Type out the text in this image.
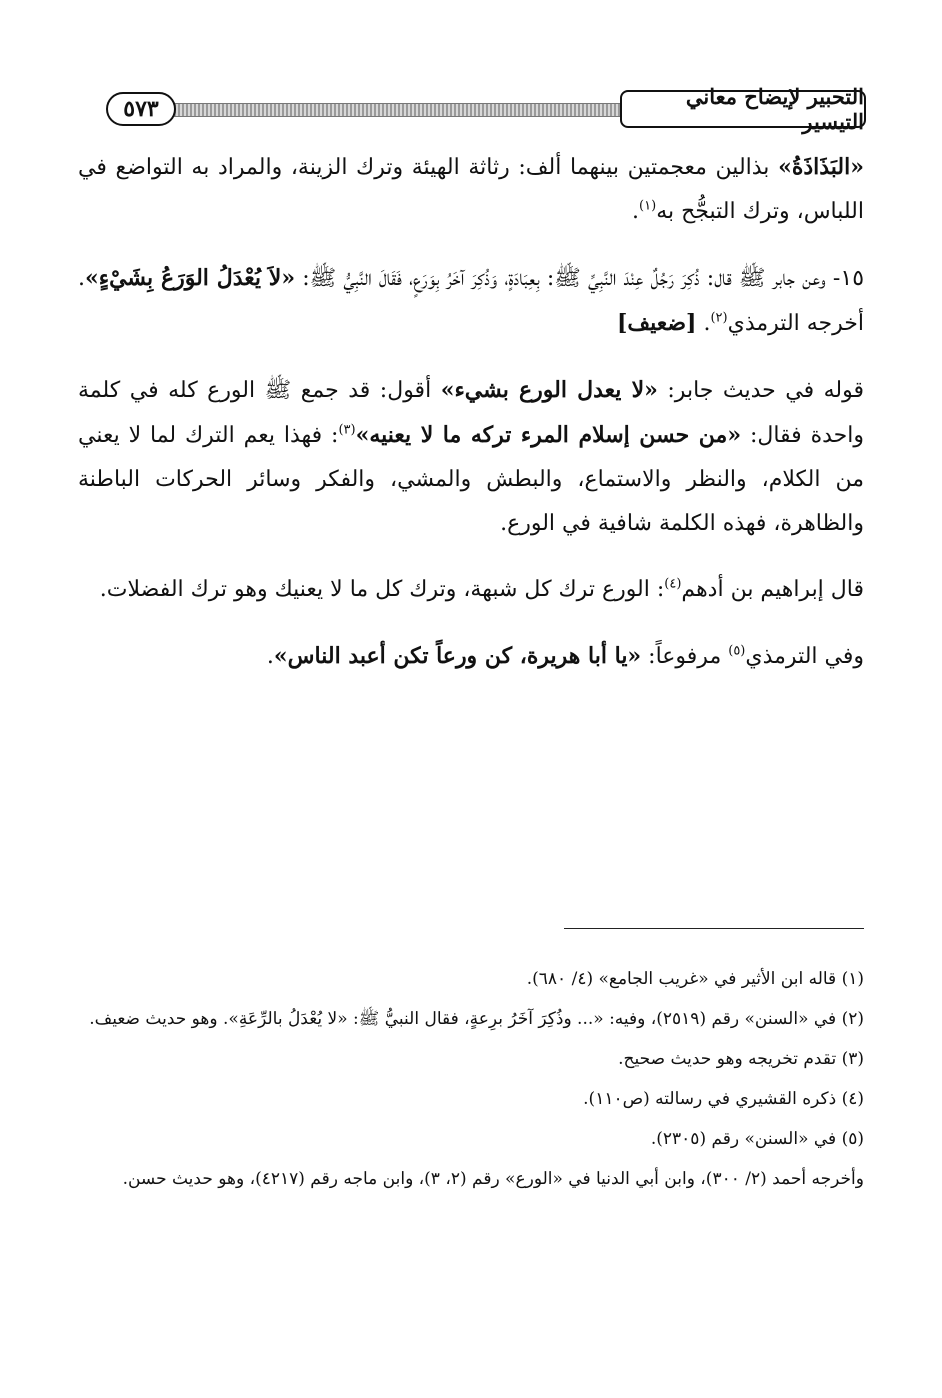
التحبير لإيضاح معاني التيسير
٥٧٣

«البَذَاذَةُ» بذالين معجمتين بينهما ألف: رثاثة الهيئة وترك الزينة، والمراد به التواضع في اللباس، وترك التبجُّح به$^{(١)}$.

١٥- وعن جابر ﷺ قال: ذُكِرَ رَجُلٌ عِنْدَ النَّبِيِّ ﷺ: بِعِبَادَةٍ، وَذُكِرَ آخَرُ بِوَرَعٍ، فَقَالَ النَّبِيُّ ﷺ: «لاَ يُعْدَلُ الوَرَعُ بِشَيْءٍ». أخرجه الترمذي$^{(٢)}$. [ضعيف]

قوله في حديث جابر: «لا يعدل الورع بشيء» أقول: قد جمع ﷺ الورع كله في كلمة واحدة فقال: «من حسن إسلام المرء تركه ما لا يعنيه»$^{(٣)}$: فهذا يعم الترك لما لا يعني من الكلام، والنظر والاستماع، والبطش والمشي، والفكر وسائر الحركات الباطنة والظاهرة، فهذه الكلمة شافية في الورع.

قال إبراهيم بن أدهم$^{(٤)}$: الورع ترك كل شبهة، وترك كل ما لا يعنيك وهو ترك الفضلات.

وفي الترمذي$^{(٥)}$ مرفوعاً: «يا أبا هريرة، كن ورعاً تكن أعبد الناس».

(١) قاله ابن الأثير في «غريب الجامع» (٤/ ٦٨٠).

(٢) في «السنن» رقم (٢٥١٩)، وفيه: «... وذُكِرَ آخَرُ برِعةٍ، فقال النبيُّ ﷺ: «لا يُعْدَلُ بالرِّعَةِ». وهو حديث ضعيف.

(٣) تقدم تخريجه وهو حديث صحيح.

(٤) ذكره القشيري في رسالته (ص١١٠).

(٥) في «السنن» رقم (٢٣٠٥).

وأخرجه أحمد (٢/ ٣٠٠)، وابن أبي الدنيا في «الورع» رقم (٢، ٣)، وابن ماجه رقم (٤٢١٧)، وهو حديث حسن.
